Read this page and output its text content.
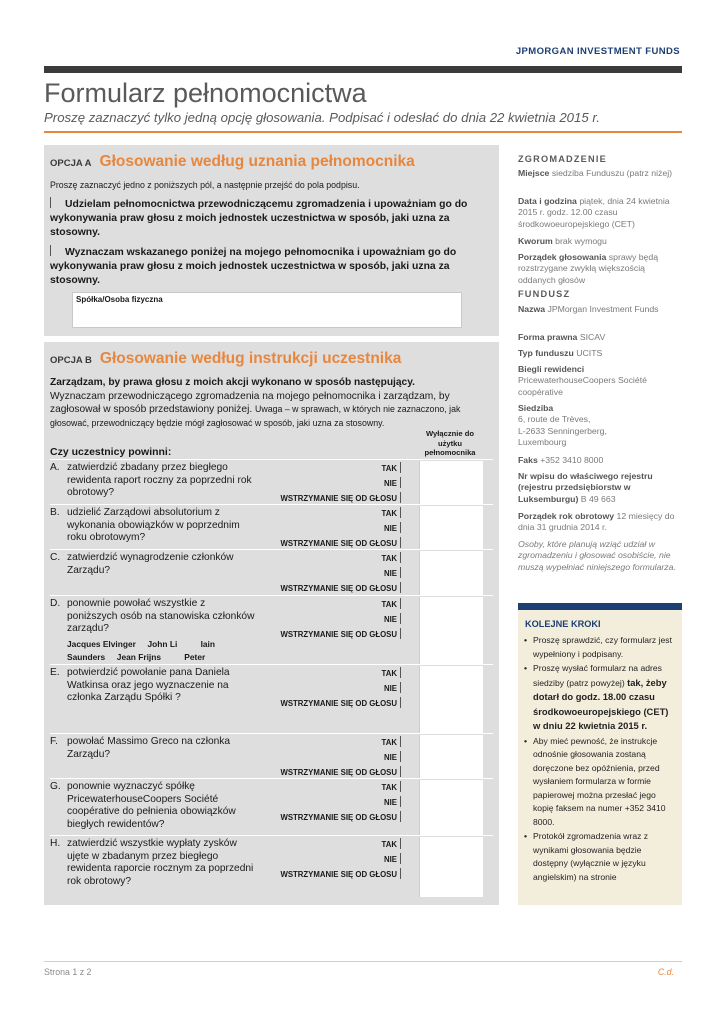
JPMORGAN INVESTMENT FUNDS
Formularz pełnomocnictwa
Proszę zaznaczyć tylko jedną opcję głosowania. Podpisać i odesłać do dnia 22 kwietnia 2015 r.
OPCJA A Głosowanie według uznania pełnomocnika
Proszę zaznaczyć jedno z poniższych pól, a następnie przejść do pola podpisu.
Udzielam pełnomocnictwa przewodniczącemu zgromadzenia i upoważniam go do wykonywania praw głosu z moich jednostek uczestnictwa w sposób, jaki uzna za stosowny.
Wyznaczam wskazanego poniżej na mojego pełnomocnika i upoważniam go do wykonywania praw głosu z moich jednostek uczestnictwa w sposób, jaki uzna za stosowny.
Spółka/Osoba fizyczna
OPCJA B Głosowanie według instrukcji uczestnika
Zarządzam, by prawa głosu z moich akcji wykonano w sposób następujący.
Wyznaczam przewodniczącego zgromadzenia na mojego pełnomocnika i zarządzam, by zagłosował w sposób przedstawiony poniżej. Uwaga – w sprawach, w których nie zaznaczono, jak głosować, przewodniczący będzie mógł zagłosować w sposób, jaki uzna za stosowny.
Wyłącznie do użytku pełnomocnika
Czy uczestnicy powinni:
A. zatwierdzić zbadany przez biegłego rewidenta raport roczny za poprzedni rok obrotowy?
TAK
NIE
WSTRZYMANIE SIĘ OD GŁOSU
B. udzielić Zarządowi absolutorium z wykonania obowiązków w poprzednim roku obrotowym?
TAK
NIE
WSTRZYMANIE SIĘ OD GŁOSU
C. zatwierdzić wynagrodzenie członków Zarządu?
TAK
NIE
WSTRZYMANIE SIĘ OD GŁOSU
D. ponownie powołać wszystkie z poniższych osób na stanowiska członków zarządu?
Jacques Elvinger     John Li          Iain Saunders     Jean Frijns          Peter
TAK
NIE
WSTRZYMANIE SIĘ OD GŁOSU
E. potwierdzić powołanie pana Daniela Watkinsa oraz jego wyznaczenie na członka Zarządu Spółki ?
TAK
NIE
WSTRZYMANIE SIĘ OD GŁOSU
F. powołać Massimo Greco na członka Zarządu?
TAK
NIE
WSTRZYMANIE SIĘ OD GŁOSU
G. ponownie wyznaczyć spółkę PricewaterhouseCoopers Société coopérative do pełnienia obowiązków biegłych rewidentów?
TAK
NIE
WSTRZYMANIE SIĘ OD GŁOSU
H. zatwierdzić wszystkie wypłaty zysków ujęte w zbadanym przez biegłego rewidenta raporcie rocznym za poprzedni rok obrotowy?
TAK
NIE
WSTRZYMANIE SIĘ OD GŁOSU
ZGROMADZENIE
Miejsce siedziba Funduszu (patrz niżej)
Data i godzina piątek, dnia 24 kwietnia 2015 r. godz. 12.00 czasu środkowoeuropejskiego (CET)
Kworum brak wymogu
Porządek głosowania sprawy będą rozstrzygane zwykłą większością oddanych głosów
FUNDUSZ
Nazwa JPMorgan Investment Funds
Forma prawna SICAV
Typ funduszu UCITS
Biegli rewidenci
PricewaterhouseCoopers Société coopérative
Siedziba
6, route de Trèves,
L-2633 Senningerberg,
Luxembourg
Faks +352 3410 8000
Nr wpisu do właściwego rejestru (rejestru przedsiębiorstw w Luksemburgu) B 49 663
Porządek rok obrotowy 12 miesięcy do dnia 31 grudnia 2014 r.
Osoby, które planują wziąć udział w zgromadzeniu i głosować osobiście, nie muszą wypełniać niniejszego formularza.
KOLEJNE KROKI
• Proszę sprawdzić, czy formularz jest wypełniony i podpisany.
• Proszę wysłać formularz na adres siedziby (patrz powyżej) tak, żeby dotarł do godz. 18.00 czasu środkowoeuropejskiego (CET) w dniu 22 kwietnia 2015 r.
• Aby mieć pewność, że instrukcje odnośnie głosowania zostaną doręczone bez opóźnienia, przed wysłaniem formularza w formie papierowej można przesłać jego kopię faksem na numer +352 3410 8000.
• Protokół zgromadzenia wraz z wynikami głosowania będzie dostępny (wyłącznie w języku angielskim) na stronie
Strona 1 z 2	C.d.
